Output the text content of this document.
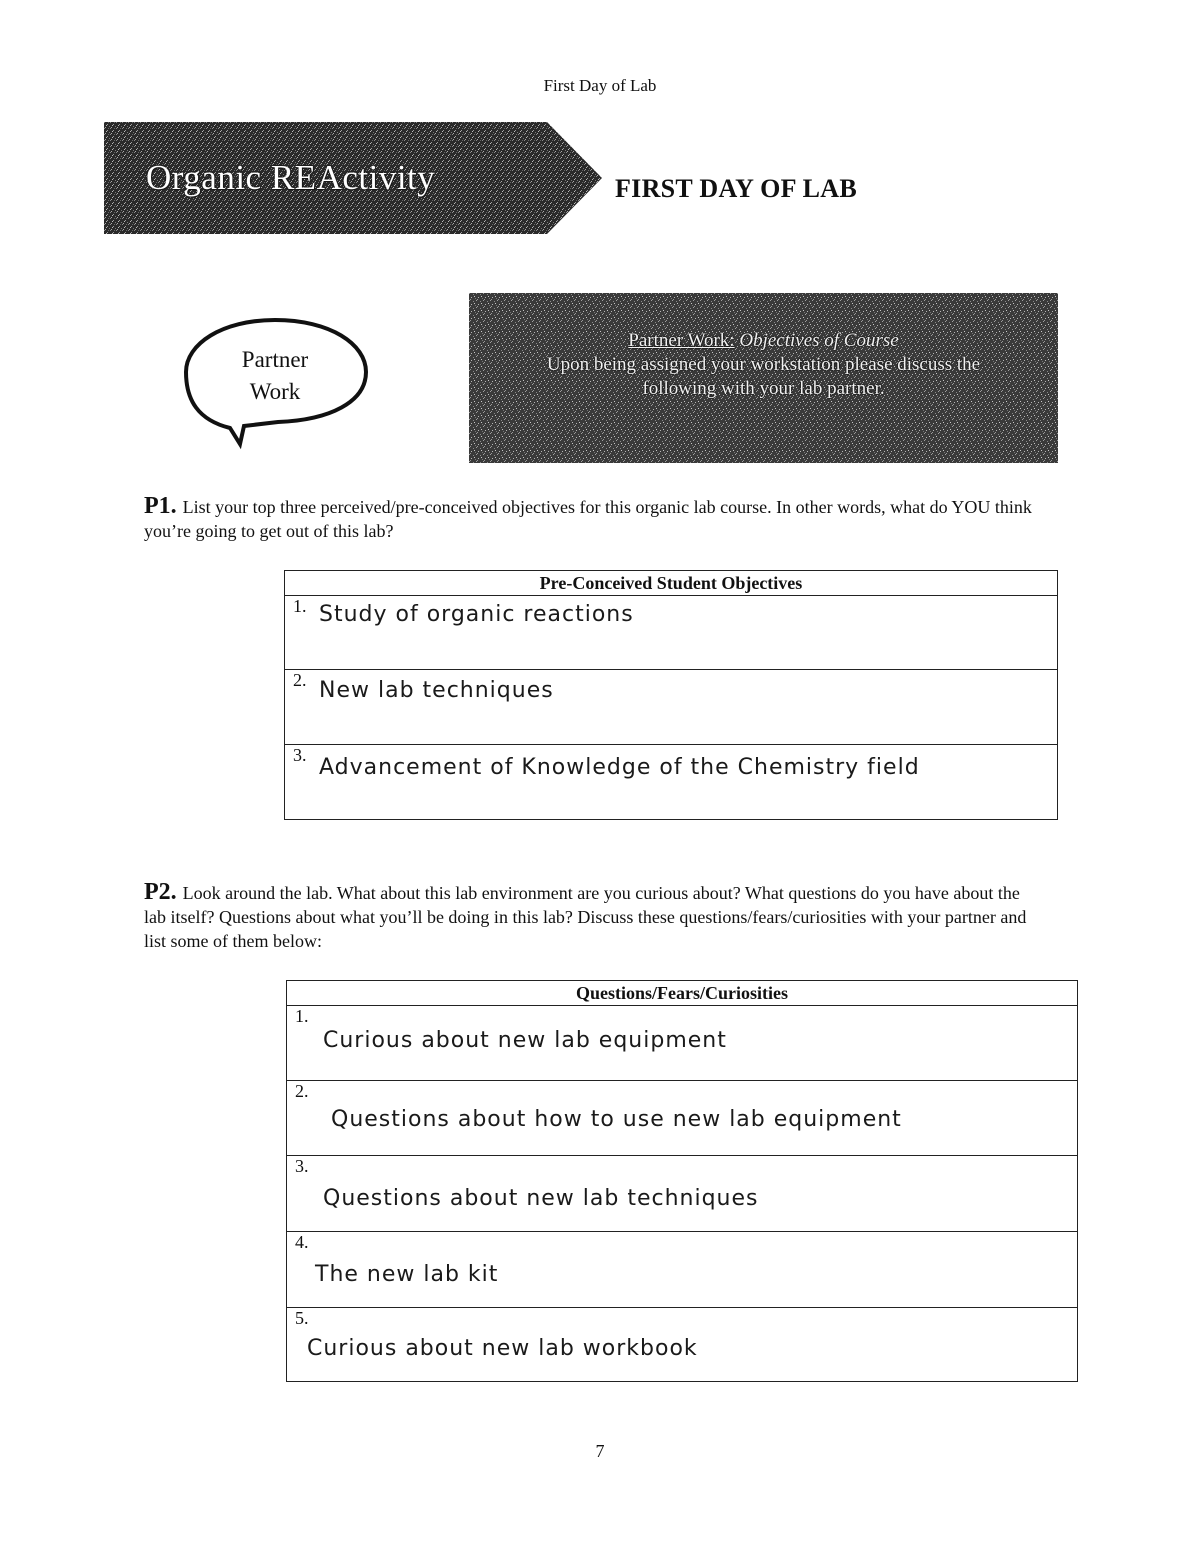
First Day of Lab
Organic REActivity	FIRST DAY OF LAB
Partner
Work
Partner Work: Objectives of Course
Upon being assigned your workstation please discuss the
following with your lab partner.
P1. List your top three perceived/pre-conceived objectives for this organic lab course. In other words, what do YOU think you’re going to get out of this lab?
Pre-Conceived Student Objectives

1. Study of organic reactions

2. New lab techniques

3. Advancement of Knowledge of the Chemistry field
P2. Look around the lab. What about this lab environment are you curious about? What questions do you have about the lab itself? Questions about what you’ll be doing in this lab? Discuss these questions/fears/curiosities with your partner and list some of them below:
Questions/Fears/Curiosities

1.
Curious about new lab equipment

2.
Questions about how to use new lab equipment

3.
Questions about new lab techniques

4.
The new lab kit

5.
Curious about new lab workbook
7
